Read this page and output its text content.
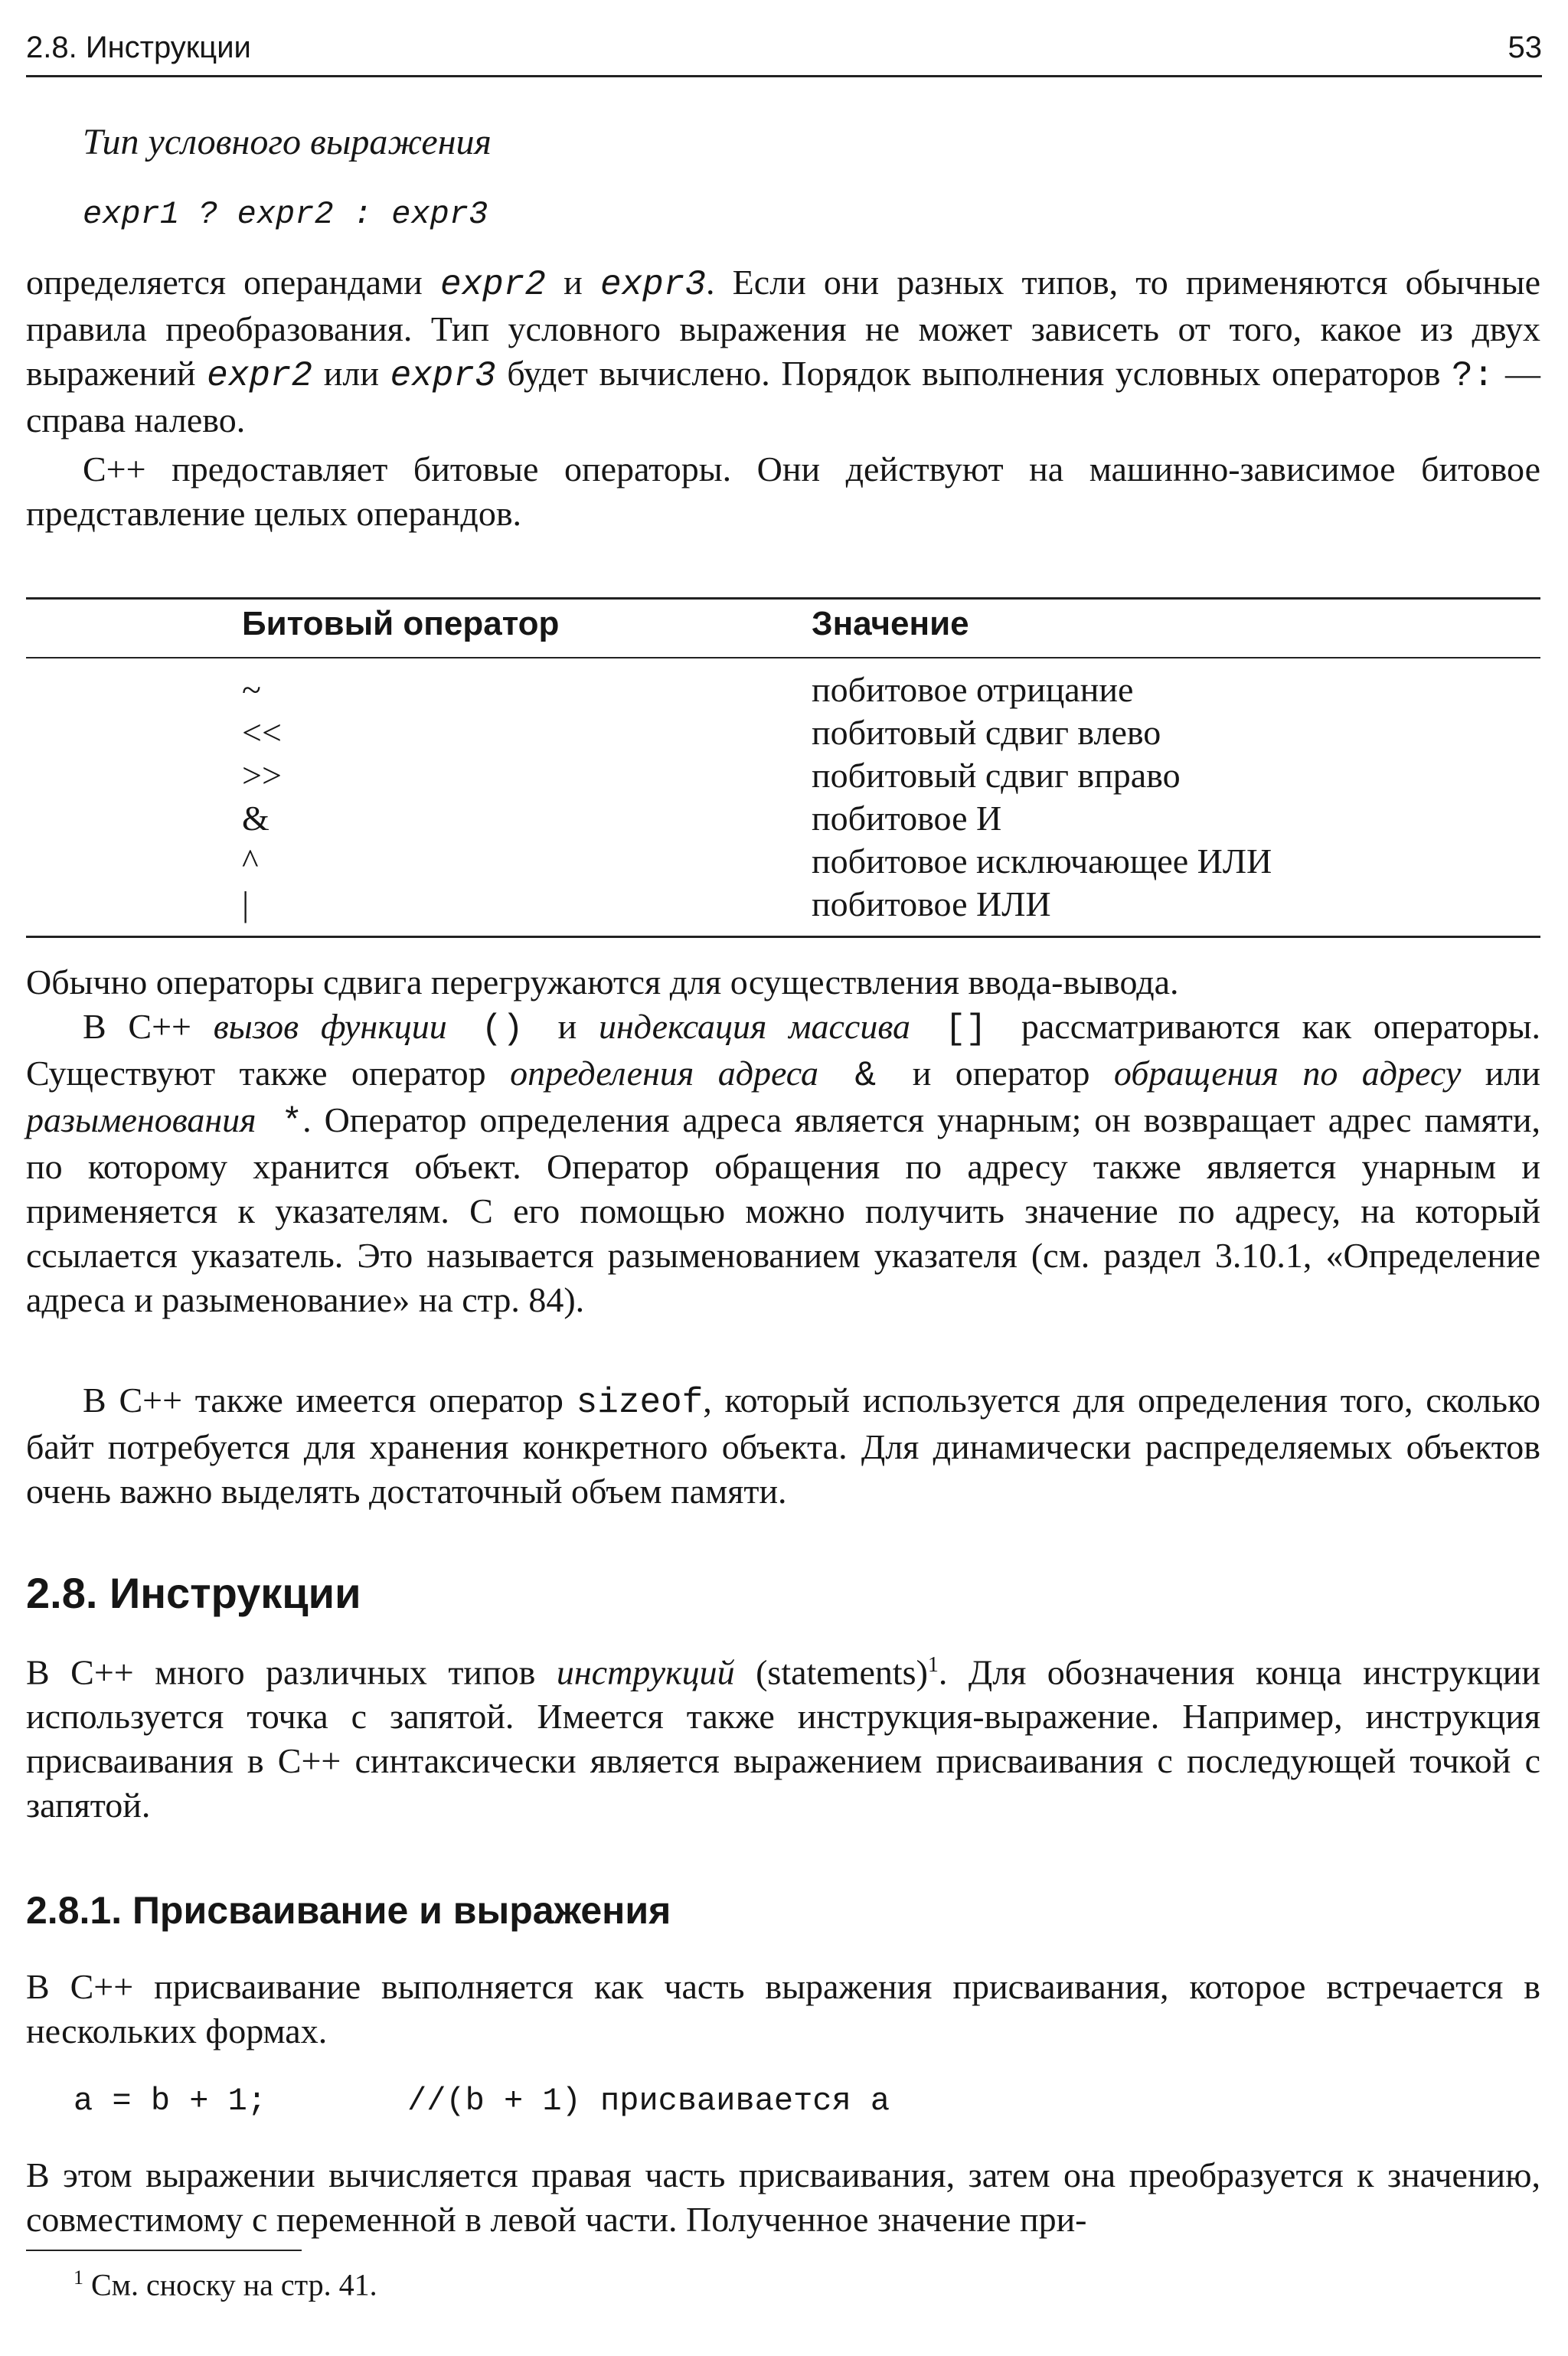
2.8. Инструкции	53
Тип условного выражения
expr1 ? expr2 : expr3
определяется операндами expr2 и expr3. Если они разных типов, то применяются обычные правила преобразования. Тип условного выражения не может зависеть от того, какое из двух выражений expr2 или expr3 будет вычислено. Порядок выполнения условных операторов ?: — справа налево.
С++ предоставляет битовые операторы. Они действуют на машинно-зависимое битовое представление целых операндов.
Битовый оператор	Значение
~	побитовое отрицание
<<	побитовый сдвиг влево
>>	побитовый сдвиг вправо
&	побитовое И
^	побитовое исключающее ИЛИ
|	побитовое ИЛИ
Обычно операторы сдвига перегружаются для осуществления ввода-вывода.
В С++ вызов функции () и индексация массива [] рассматриваются как операторы. Существуют также оператор определения адреса & и оператор обращения по адресу или разыменования *. Оператор определения адреса является унарным; он возвращает адрес памяти, по которому хранится объект. Оператор обращения по адресу также является унарным и применяется к указателям. С его помощью можно получить значение по адресу, на который ссылается указатель. Это называется разыменованием указателя (см. раздел 3.10.1, «Определение адреса и разыменование» на стр. 84).
В С++ также имеется оператор sizeof, который используется для определения того, сколько байт потребуется для хранения конкретного объекта. Для динамически распределяемых объектов очень важно выделять достаточный объем памяти.
2.8. Инструкции
В С++ много различных типов инструкций (statements)$^1$. Для обозначения конца инструкции используется точка с запятой. Имеется также инструкция-выражение. Например, инструкция присваивания в С++ синтаксически является выражением присваивания с последующей точкой с запятой.
2.8.1. Присваивание и выражения
В С++ присваивание выполняется как часть выражения присваивания, которое встречается в нескольких формах.
a = b + 1;	//(b + 1) присваивается a
В этом выражении вычисляется правая часть присваивания, затем она преобразуется к значению, совместимому с переменной в левой части. Полученное значение при-
$^1$ См. сноску на стр. 41.
